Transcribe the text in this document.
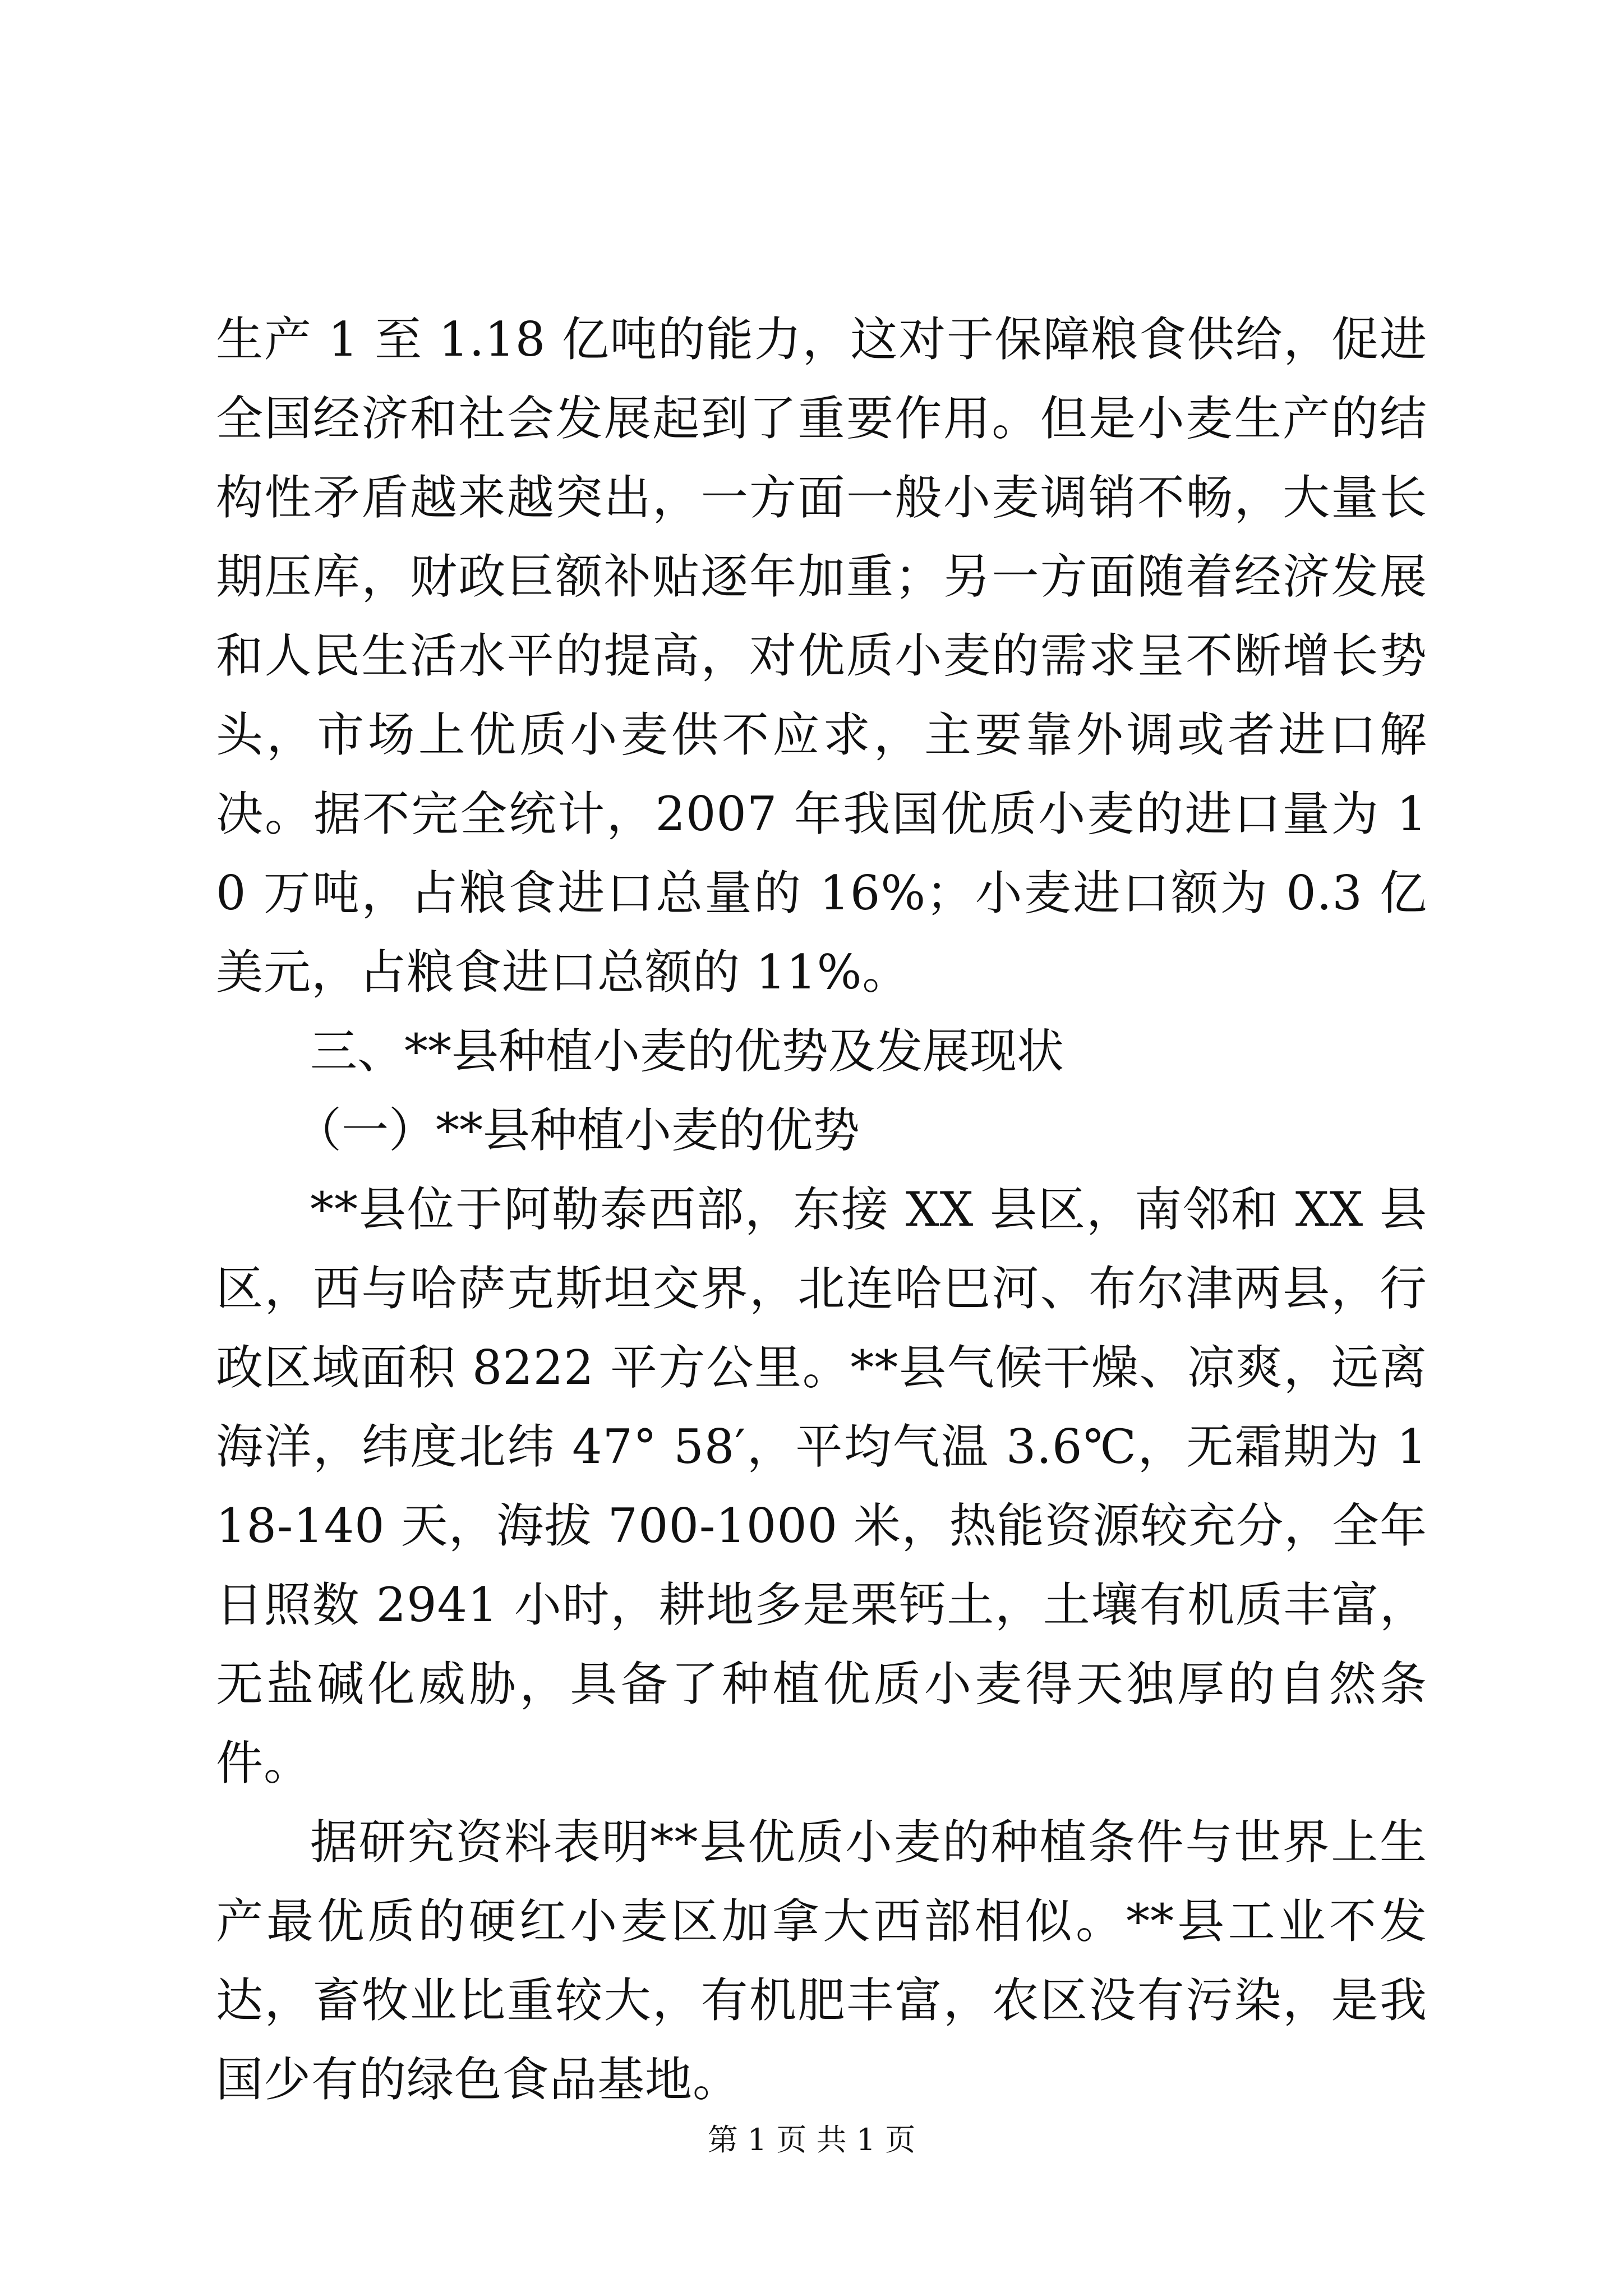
生产 1 至 1.18 亿吨的能力，这对于保障粮食供给，促进全国经济和社会发展起到了重要作用。但是小麦生产的结构性矛盾越来越突出，一方面一般小麦调销不畅，大量长期压库，财政巨额补贴逐年加重；另一方面随着经济发展和人民生活水平的提高，对优质小麦的需求呈不断增长势头，市场上优质小麦供不应求，主要靠外调或者进口解决。据不完全统计，2007 年我国优质小麦的进口量为 10 万吨，占粮食进口总量的 16%；小麦进口额为 0.3 亿美元，占粮食进口总额的 11%。

三、**县种植小麦的优势及发展现状

（一）**县种植小麦的优势

**县位于阿勒泰西部，东接 XX 县区，南邻和 XX 县区，西与哈萨克斯坦交界，北连哈巴河、布尔津两县，行政区域面积 8222 平方公里。**县气候干燥、凉爽，远离海洋，纬度北纬 47° 58′，平均气温 3.6℃，无霜期为 118-140 天，海拔 700-1000 米，热能资源较充分，全年日照数 2941 小时，耕地多是栗钙土，土壤有机质丰富，无盐碱化威胁，具备了种植优质小麦得天独厚的自然条件。

据研究资料表明**县优质小麦的种植条件与世界上生产最优质的硬红小麦区加拿大西部相似。**县工业不发达，畜牧业比重较大，有机肥丰富，农区没有污染，是我国少有的绿色食品基地。

第 1 页 共 1 页
